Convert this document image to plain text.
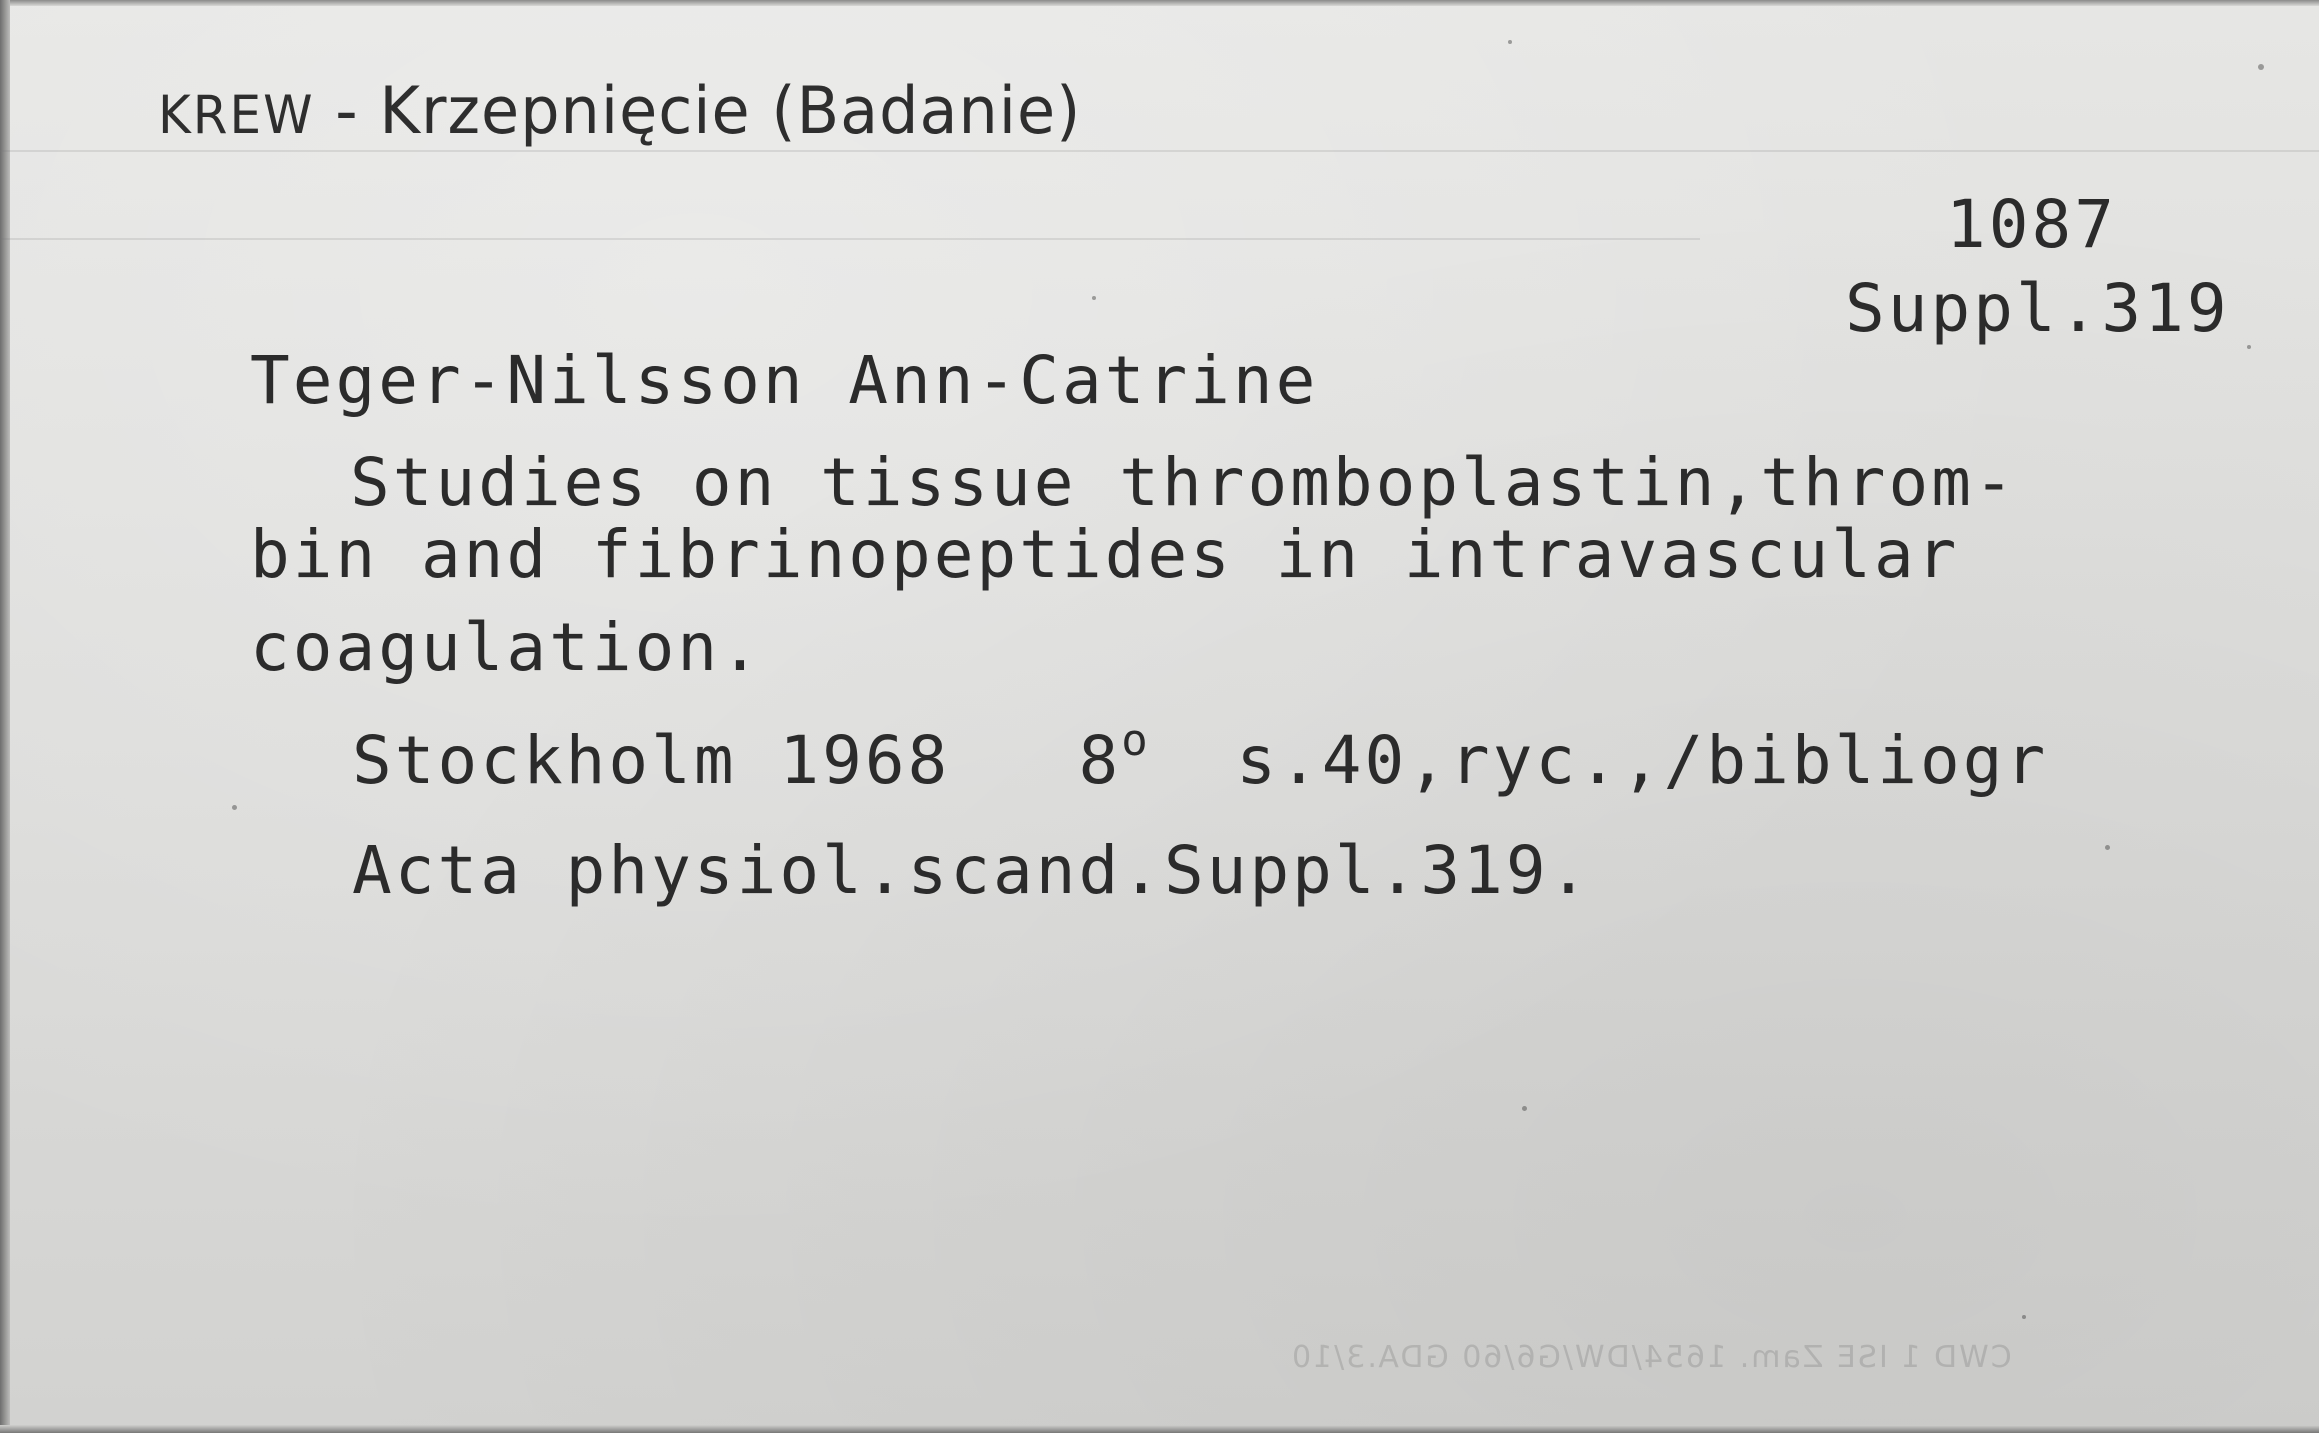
KREW - Krzepnięcie (Badanie)
1087
Suppl.319
Teger-Nilsson Ann-Catrine
Studies on tissue thromboplastin,throm-
bin and fibrinopeptides in intravascular
coagulation.
Stockholm 1968 8$^o$ s.40,ryc.,/bibliogr
Acta physiol.scand.Suppl.319.
CWD 1 ISE Zam. 1654/DW/G6/60 GDA.3/10
